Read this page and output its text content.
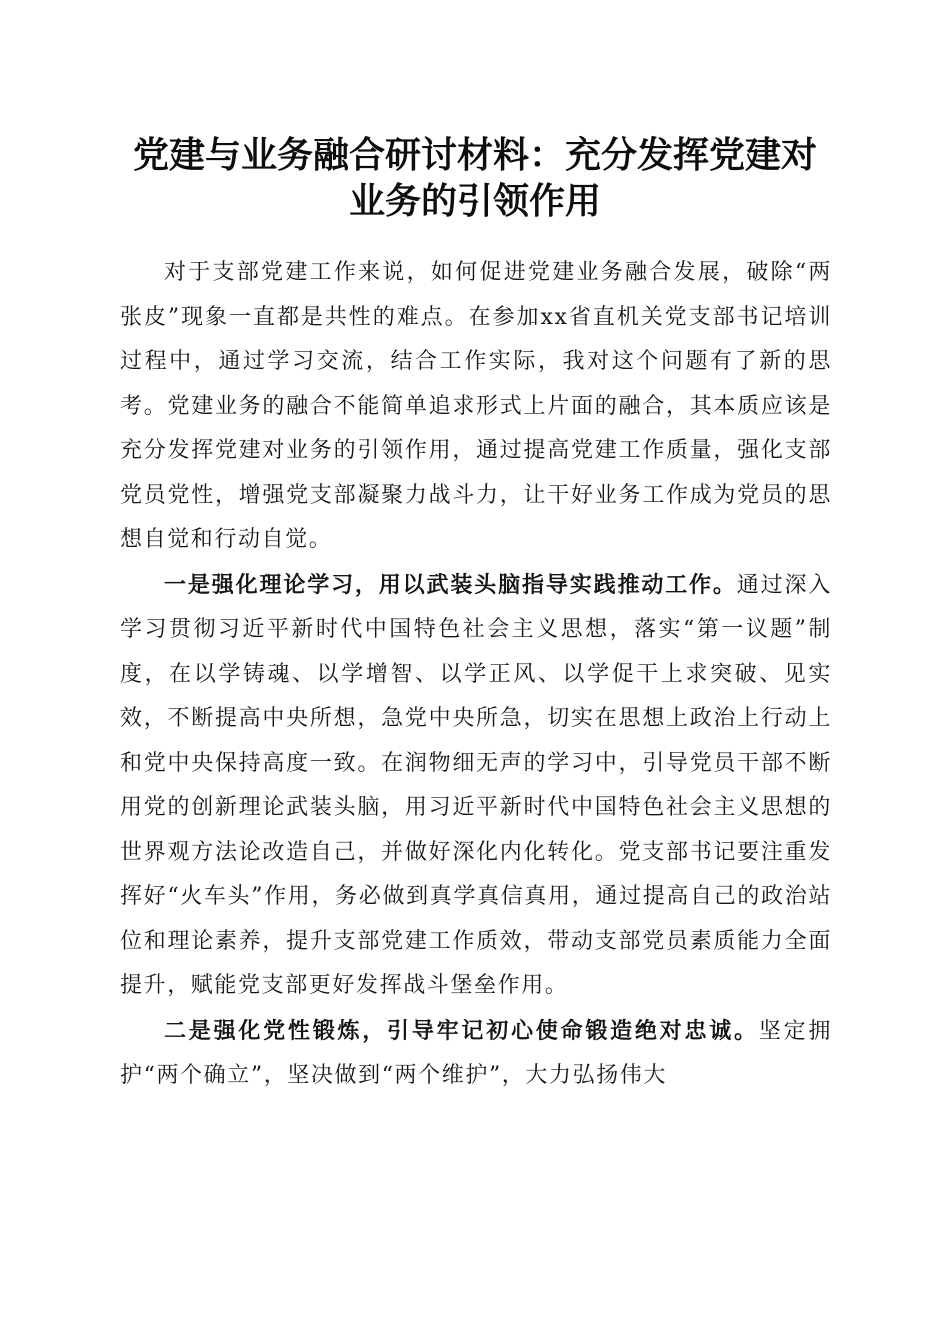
党建与业务融合研讨材料：充分发挥党建对业务的引领作用

对于支部党建工作来说，如何促进党建业务融合发展，破除“两张皮”现象一直都是共性的难点。在参加xx省直机关党支部书记培训过程中，通过学习交流，结合工作实际，我对这个问题有了新的思考。党建业务的融合不能简单追求形式上片面的融合，其本质应该是充分发挥党建对业务的引领作用，通过提高党建工作质量，强化支部党员党性，增强党支部凝聚力战斗力，让干好业务工作成为党员的思想自觉和行动自觉。

一是强化理论学习，用以武装头脑指导实践推动工作。通过深入学习贯彻习近平新时代中国特色社会主义思想，落实“第一议题”制度，在以学铸魂、以学增智、以学正风、以学促干上求突破、见实效，不断提高中央所想，急党中央所急，切实在思想上政治上行动上和党中央保持高度一致。在润物细无声的学习中，引导党员干部不断用党的创新理论武装头脑，用习近平新时代中国特色社会主义思想的世界观方法论改造自己，并做好深化内化转化。党支部书记要注重发挥好“火车头”作用，务必做到真学真信真用，通过提高自己的政治站位和理论素养，提升支部党建工作质效，带动支部党员素质能力全面提升，赋能党支部更好发挥战斗堡垒作用。

二是强化党性锻炼，引导牢记初心使命锻造绝对忠诚。坚定拥护“两个确立”，坚决做到“两个维护”，大力弘扬伟大
